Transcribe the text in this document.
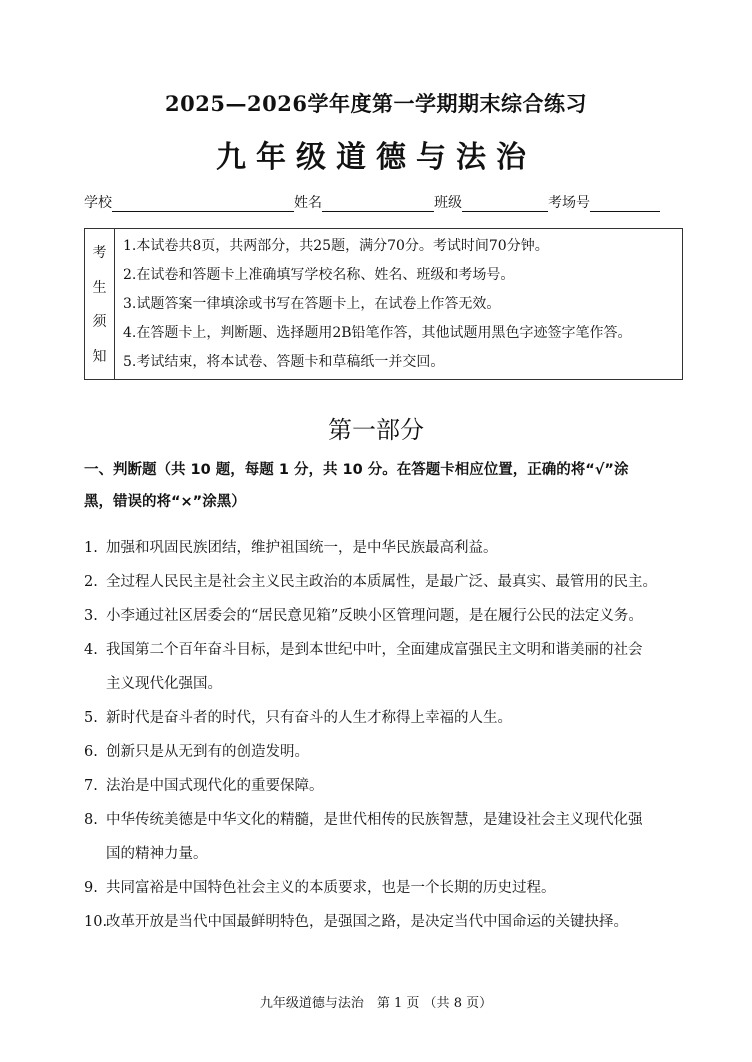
2025—2026学年度第一学期期末综合练习
九年级道德与法治
学校	姓名	班级	考场号
考
生
须
知
1.本试卷共8页，共两部分，共25题，满分70分。考试时间70分钟。
2.在试卷和答题卡上准确填写学校名称、姓名、班级和考场号。
3.试题答案一律填涂或书写在答题卡上，在试卷上作答无效。
4.在答题卡上，判断题、选择题用2B铅笔作答，其他试题用黑色字迹签字笔作答。
5.考试结束，将本试卷、答题卡和草稿纸一并交回。
第一部分
一、判断题（共 10 题，每题 1 分，共 10 分。在答题卡相应位置，正确的将“√”涂
黑，错误的将“×”涂黑）
1. 加强和巩固民族团结，维护祖国统一，是中华民族最高利益。
2. 全过程人民民主是社会主义民主政治的本质属性，是最广泛、最真实、最管用的民主。
3. 小李通过社区居委会的“居民意见箱”反映小区管理问题，是在履行公民的法定义务。
4. 我国第二个百年奋斗目标，是到本世纪中叶，全面建成富强民主文明和谐美丽的社会
主义现代化强国。
5. 新时代是奋斗者的时代，只有奋斗的人生才称得上幸福的人生。
6. 创新只是从无到有的创造发明。
7. 法治是中国式现代化的重要保障。
8. 中华传统美德是中华文化的精髓，是世代相传的民族智慧，是建设社会主义现代化强
国的精神力量。
9. 共同富裕是中国特色社会主义的本质要求，也是一个长期的历史过程。
10.改革开放是当代中国最鲜明特色，是强国之路，是决定当代中国命运的关键抉择。
九年级道德与法治　第 1 页 （共 8 页）
